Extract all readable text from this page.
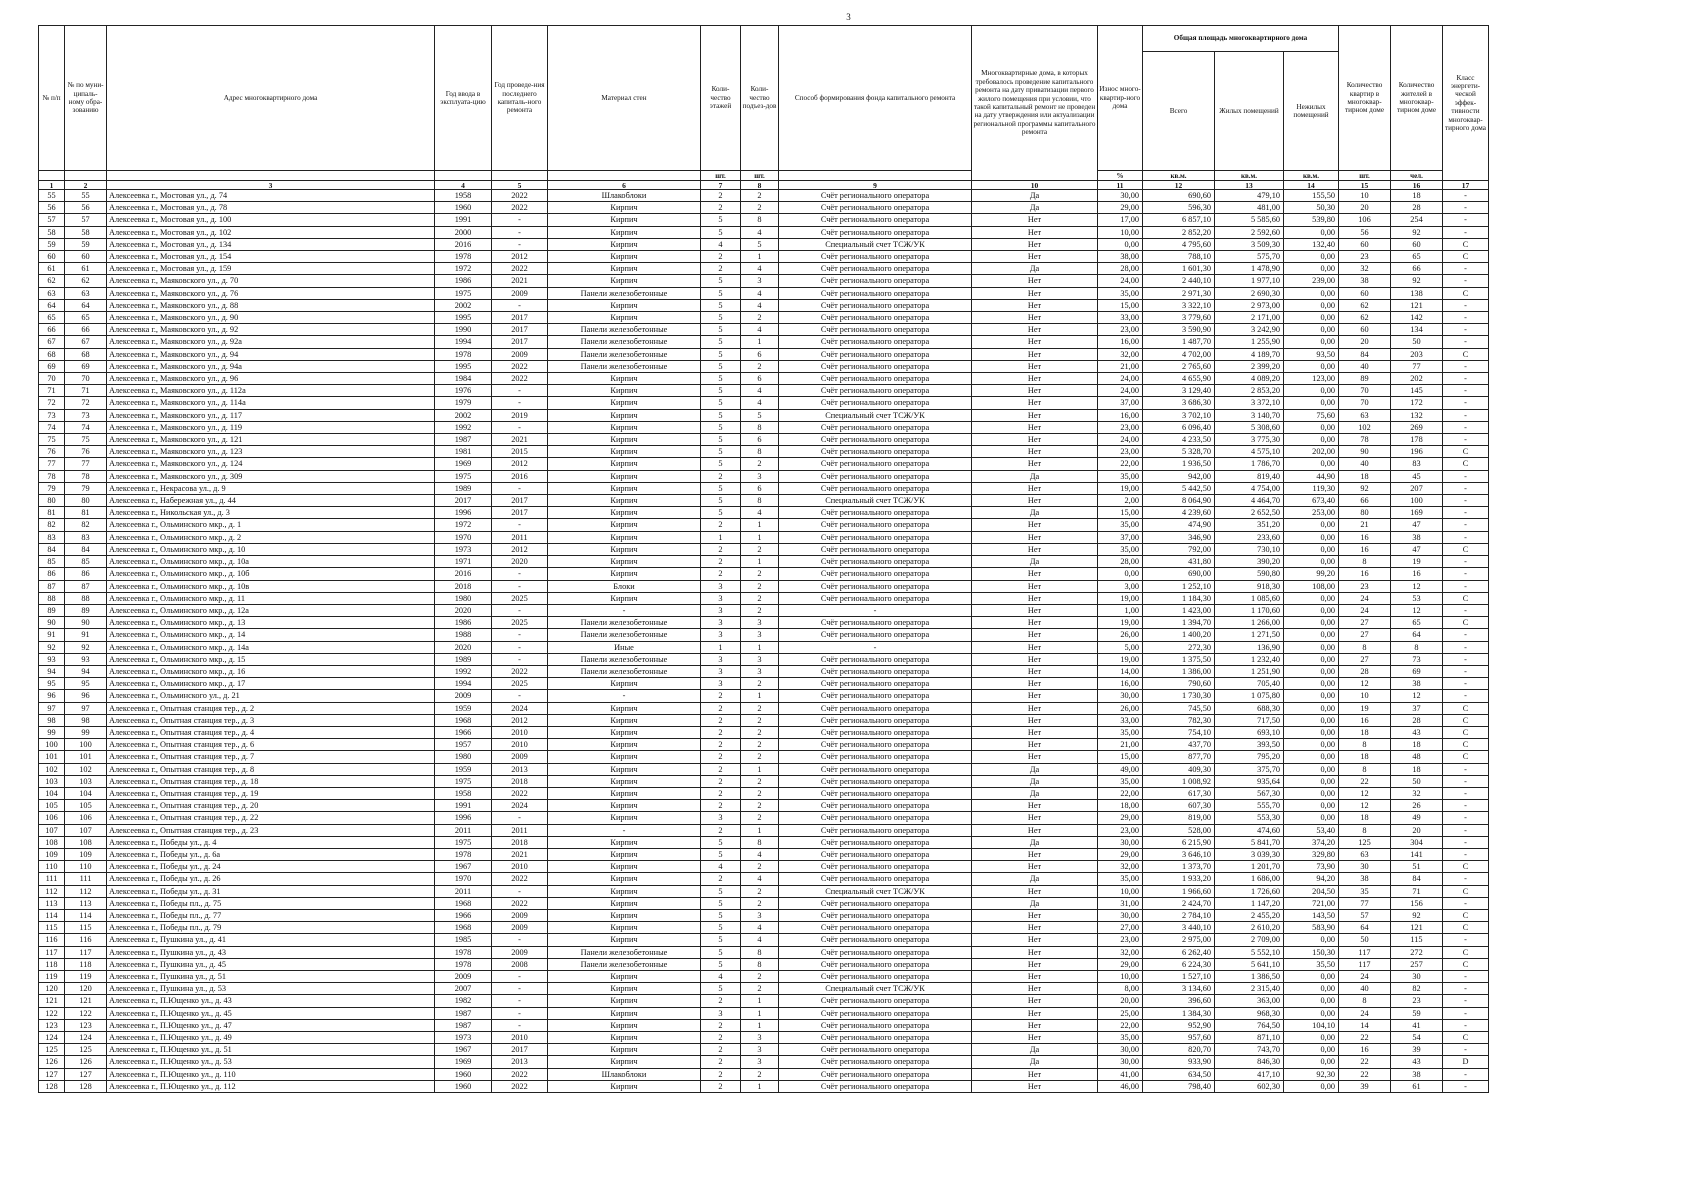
3
№ п/п	№ по муни-ципаль-ному обра-зованию	Адрес многоквартирного дома	Год ввода в эксплуата-цию	Год проведе-ния последнего капиталь-ного ремонта	Материал стен	Коли-чество этажей	Коли-чество подъез-дов	Способ формирования фонда капитального ремонта	Многоквартирные дома, в которых требовалось проведение капитального ремонта на дату приватизации первого жилого помещения при условии, что такой капитальный ремонт не проведен на дату утверждения или актуализации региональной программы капитального ремонта	Износ много-квартир-ного дома	Общая площадь многоквартирного дома			Количество квартир в многоквар-тирном доме	Количество жителей в многоквар-тирном доме	Класс энергети-ческой эффек-тивности многоквар-тирного дома
											Всего	Жилых помещений	Нежилых помещений			
						шт.	шт.			%	кв.м.	кв.м.	кв.м.	шт.	чел.	
1	2	3	4	5	6	7	8	9	10	11	12	13	14	15	16	17
55	55	Алексеевка г., Мостовая ул., д. 74	1958	2022	Шлакоблоки	2	2	Счёт регионального оператора	Да	30,00	690,60	479,10	155,50	10	18	-
56	56	Алексеевка г., Мостовая ул., д. 78	1960	2022	Кирпич	2	2	Счёт регионального оператора	Да	29,00	596,30	481,00	50,30	20	28	-
57	57	Алексеевка г., Мостовая ул., д. 100	1991	-	Кирпич	5	8	Счёт регионального оператора	Нет	17,00	6 857,10	5 585,60	539,80	106	254	-
58	58	Алексеевка г., Мостовая ул., д. 102	2000	-	Кирпич	5	4	Счёт регионального оператора	Нет	10,00	2 852,20	2 592,60	0,00	56	92	-
59	59	Алексеевка г., Мостовая ул., д. 134	2016	-	Кирпич	4	5	Специальный счет ТСЖ/УК	Нет	0,00	4 795,60	3 509,30	132,40	60	60	C
60	60	Алексеевка г., Мостовая ул., д. 154	1978	2012	Кирпич	2	1	Счёт регионального оператора	Нет	38,00	788,10	575,70	0,00	23	65	C
61	61	Алексеевка г., Мостовая ул., д. 159	1972	2022	Кирпич	2	4	Счёт регионального оператора	Да	28,00	1 601,30	1 478,90	0,00	32	66	-
62	62	Алексеевка г., Маяковского ул., д. 70	1986	2021	Кирпич	5	3	Счёт регионального оператора	Нет	24,00	2 440,10	1 977,10	239,00	38	92	-
63	63	Алексеевка г., Маяковского ул., д. 76	1975	2009	Панели железобетонные	5	4	Счёт регионального оператора	Нет	35,00	2 971,30	2 690,30	0,00	60	138	C
64	64	Алексеевка г., Маяковского ул., д. 88	2002	-	Кирпич	5	4	Счёт регионального оператора	Нет	15,00	3 322,10	2 973,00	0,00	62	121	-
65	65	Алексеевка г., Маяковского ул., д. 90	1995	2017	Кирпич	5	2	Счёт регионального оператора	Нет	33,00	3 779,60	2 171,00	0,00	62	142	-
66	66	Алексеевка г., Маяковского ул., д. 92	1990	2017	Панели железобетонные	5	4	Счёт регионального оператора	Нет	23,00	3 590,90	3 242,90	0,00	60	134	-
67	67	Алексеевка г., Маяковского ул., д. 92а	1994	2017	Панели железобетонные	5	1	Счёт регионального оператора	Нет	16,00	1 487,70	1 255,90	0,00	20	50	-
68	68	Алексеевка г., Маяковского ул., д. 94	1978	2009	Панели железобетонные	5	6	Счёт регионального оператора	Нет	32,00	4 702,00	4 189,70	93,50	84	203	C
69	69	Алексеевка г., Маяковского ул., д. 94а	1995	2022	Панели железобетонные	5	2	Счёт регионального оператора	Нет	21,00	2 765,60	2 399,20	0,00	40	77	-
70	70	Алексеевка г., Маяковского ул., д. 96	1984	2022	Кирпич	5	6	Счёт регионального оператора	Нет	24,00	4 655,90	4 089,20	123,00	89	202	-
71	71	Алексеевка г., Маяковского ул., д. 112а	1976	-	Кирпич	5	4	Счёт регионального оператора	Нет	24,00	3 129,40	2 853,20	0,00	70	145	-
72	72	Алексеевка г., Маяковского ул., д. 114а	1979	-	Кирпич	5	4	Счёт регионального оператора	Нет	37,00	3 686,30	3 372,10	0,00	70	172	-
73	73	Алексеевка г., Маяковского ул., д. 117	2002	2019	Кирпич	5	5	Специальный счет ТСЖ/УК	Нет	16,00	3 702,10	3 140,70	75,60	63	132	-
74	74	Алексеевка г., Маяковского ул., д. 119	1992	-	Кирпич	5	8	Счёт регионального оператора	Нет	23,00	6 096,40	5 308,60	0,00	102	269	-
75	75	Алексеевка г., Маяковского ул., д. 121	1987	2021	Кирпич	5	6	Счёт регионального оператора	Нет	24,00	4 233,50	3 775,30	0,00	78	178	-
76	76	Алексеевка г., Маяковского ул., д. 123	1981	2015	Кирпич	5	8	Счёт регионального оператора	Нет	23,00	5 328,70	4 575,10	202,00	90	196	C
77	77	Алексеевка г., Маяковского ул., д. 124	1969	2012	Кирпич	5	2	Счёт регионального оператора	Нет	22,00	1 936,50	1 786,70	0,00	40	83	C
78	78	Алексеевка г., Маяковского ул., д. 309	1975	2016	Кирпич	2	3	Счёт регионального оператора	Да	35,00	942,00	819,40	44,90	18	45	-
79	79	Алексеевка г., Некрасова ул., д. 9	1989	-	Кирпич	5	6	Счёт регионального оператора	Нет	19,00	5 442,50	4 754,00	119,30	92	207	-
80	80	Алексеевка г., Набережная ул., д. 44	2017	2017	Кирпич	5	8	Специальный счет ТСЖ/УК	Нет	2,00	8 064,90	4 464,70	673,40	66	100	-
81	81	Алексеевка г., Никольская ул., д. 3	1996	2017	Кирпич	5	4	Счёт регионального оператора	Да	15,00	4 239,60	2 652,50	253,00	80	169	-
82	82	Алексеевка г., Ольминского мкр., д. 1	1972	-	Кирпич	2	1	Счёт регионального оператора	Нет	35,00	474,90	351,20	0,00	21	47	-
83	83	Алексеевка г., Ольминского мкр., д. 2	1970	2011	Кирпич	1	1	Счёт регионального оператора	Нет	37,00	346,90	233,60	0,00	16	38	-
84	84	Алексеевка г., Ольминского мкр., д. 10	1973	2012	Кирпич	2	2	Счёт регионального оператора	Нет	35,00	792,00	730,10	0,00	16	47	C
85	85	Алексеевка г., Ольминского мкр., д. 10а	1971	2020	Кирпич	2	1	Счёт регионального оператора	Да	28,00	431,80	390,20	0,00	8	19	-
86	86	Алексеевка г., Ольминского мкр., д. 10б	2016	-	Кирпич	2	2	Счёт регионального оператора	Нет	0,00	690,00	590,80	99,20	16	16	-
87	87	Алексеевка г., Ольминского мкр., д. 10в	2018	-	Блоки	3	2	Счёт регионального оператора	Нет	3,00	1 252,10	918,30	108,00	23	12	-
88	88	Алексеевка г., Ольминского мкр., д. 11	1980	2025	Кирпич	3	2	Счёт регионального оператора	Нет	19,00	1 184,30	1 085,60	0,00	24	53	C
89	89	Алексеевка г., Ольминского мкр., д. 12а	2020	-	-	3	2	-	Нет	1,00	1 423,00	1 170,60	0,00	24	12	-
90	90	Алексеевка г., Ольминского мкр., д. 13	1986	2025	Панели железобетонные	3	3	Счёт регионального оператора	Нет	19,00	1 394,70	1 266,00	0,00	27	65	C
91	91	Алексеевка г., Ольминского мкр., д. 14	1988	-	Панели железобетонные	3	3	Счёт регионального оператора	Нет	26,00	1 400,20	1 271,50	0,00	27	64	-
92	92	Алексеевка г., Ольминского мкр., д. 14а	2020	-	Иные	1	1	-	Нет	5,00	272,30	136,90	0,00	8	8	-
93	93	Алексеевка г., Ольминского мкр., д. 15	1989	-	Панели железобетонные	3	3	Счёт регионального оператора	Нет	19,00	1 375,50	1 232,40	0,00	27	73	-
94	94	Алексеевка г., Ольминского мкр., д. 16	1992	2022	Панели железобетонные	3	3	Счёт регионального оператора	Нет	14,00	1 386,00	1 251,90	0,00	28	69	-
95	95	Алексеевка г., Ольминского мкр., д. 17	1994	2025	Кирпич	3	2	Счёт регионального оператора	Нет	16,00	790,60	705,40	0,00	12	38	-
96	96	Алексеевка г., Ольминского ул., д. 21	2009	-	-	2	1	Счёт регионального оператора	Нет	30,00	1 730,30	1 075,80	0,00	10	12	-
97	97	Алексеевка г., Опытная станция тер., д. 2	1959	2024	Кирпич	2	2	Счёт регионального оператора	Нет	26,00	745,50	688,30	0,00	19	37	C
98	98	Алексеевка г., Опытная станция тер., д. 3	1968	2012	Кирпич	2	2	Счёт регионального оператора	Нет	33,00	782,30	717,50	0,00	16	28	C
99	99	Алексеевка г., Опытная станция тер., д. 4	1966	2010	Кирпич	2	2	Счёт регионального оператора	Нет	35,00	754,10	693,10	0,00	18	43	C
100	100	Алексеевка г., Опытная станция тер., д. 6	1957	2010	Кирпич	2	2	Счёт регионального оператора	Нет	21,00	437,70	393,50	0,00	8	18	C
101	101	Алексеевка г., Опытная станция тер., д. 7	1980	2009	Кирпич	2	2	Счёт регионального оператора	Нет	15,00	877,70	795,20	0,00	18	48	C
102	102	Алексеевка г., Опытная станция тер., д. 8	1959	2013	Кирпич	2	1	Счёт регионального оператора	Да	49,00	409,30	375,70	0,00	8	18	-
103	103	Алексеевка г., Опытная станция тер., д. 18	1975	2018	Кирпич	2	2	Счёт регионального оператора	Да	35,00	1 008,92	935,64	0,00	22	50	-
104	104	Алексеевка г., Опытная станция тер., д. 19	1958	2022	Кирпич	2	2	Счёт регионального оператора	Да	22,00	617,30	567,30	0,00	12	32	-
105	105	Алексеевка г., Опытная станция тер., д. 20	1991	2024	Кирпич	2	2	Счёт регионального оператора	Нет	18,00	607,30	555,70	0,00	12	26	-
106	106	Алексеевка г., Опытная станция тер., д. 22	1996	-	Кирпич	3	2	Счёт регионального оператора	Нет	29,00	819,00	553,30	0,00	18	49	-
107	107	Алексеевка г., Опытная станция тер., д. 23	2011	2011	-	2	1	Счёт регионального оператора	Нет	23,00	528,00	474,60	53,40	8	20	-
108	108	Алексеевка г., Победы ул., д. 4	1975	2018	Кирпич	5	8	Счёт регионального оператора	Да	30,00	6 215,90	5 841,70	374,20	125	304	-
109	109	Алексеевка г., Победы ул., д. 6а	1978	2021	Кирпич	5	4	Счёт регионального оператора	Нет	29,00	3 646,10	3 039,30	329,80	63	141	-
110	110	Алексеевка г., Победы ул., д. 24	1967	2010	Кирпич	4	2	Счёт регионального оператора	Нет	32,00	1 373,70	1 201,70	73,90	30	51	C
111	111	Алексеевка г., Победы ул., д. 26	1970	2022	Кирпич	2	4	Счёт регионального оператора	Да	35,00	1 933,20	1 686,00	94,20	38	84	-
112	112	Алексеевка г., Победы ул., д. 31	2011	-	Кирпич	5	2	Специальный счет ТСЖ/УК	Нет	10,00	1 966,60	1 726,60	204,50	35	71	C
113	113	Алексеевка г., Победы пл., д. 75	1968	2022	Кирпич	5	2	Счёт регионального оператора	Да	31,00	2 424,70	1 147,20	721,00	77	156	-
114	114	Алексеевка г., Победы пл., д. 77	1966	2009	Кирпич	5	3	Счёт регионального оператора	Нет	30,00	2 784,10	2 455,20	143,50	57	92	C
115	115	Алексеевка г., Победы пл., д. 79	1968	2009	Кирпич	5	4	Счёт регионального оператора	Нет	27,00	3 440,10	2 610,20	583,90	64	121	C
116	116	Алексеевка г., Пушкина ул., д. 41	1985	-	Кирпич	5	4	Счёт регионального оператора	Нет	23,00	2 975,00	2 709,00	0,00	50	115	-
117	117	Алексеевка г., Пушкина ул., д. 43	1978	2009	Панели железобетонные	5	8	Счёт регионального оператора	Нет	32,00	6 262,40	5 552,10	150,30	117	272	C
118	118	Алексеевка г., Пушкина ул., д. 45	1978	2008	Панели железобетонные	5	8	Счёт регионального оператора	Нет	29,00	6 224,30	5 641,10	35,50	117	257	C
119	119	Алексеевка г., Пушкина ул., д. 51	2009	-	Кирпич	4	2	Счёт регионального оператора	Нет	10,00	1 527,10	1 386,50	0,00	24	30	-
120	120	Алексеевка г., Пушкина ул., д. 53	2007	-	Кирпич	5	2	Специальный счет ТСЖ/УК	Нет	8,00	3 134,60	2 315,40	0,00	40	82	-
121	121	Алексеевка г., П.Ющенко ул., д. 43	1982	-	Кирпич	2	1	Счёт регионального оператора	Нет	20,00	396,60	363,00	0,00	8	23	-
122	122	Алексеевка г., П.Ющенко ул., д. 45	1987	-	Кирпич	3	1	Счёт регионального оператора	Нет	25,00	1 384,30	968,30	0,00	24	59	-
123	123	Алексеевка г., П.Ющенко ул., д. 47	1987	-	Кирпич	2	1	Счёт регионального оператора	Нет	22,00	952,90	764,50	104,10	14	41	-
124	124	Алексеевка г., П.Ющенко ул., д. 49	1973	2010	Кирпич	2	3	Счёт регионального оператора	Нет	35,00	957,60	871,10	0,00	22	54	C
125	125	Алексеевка г., П.Ющенко ул., д. 51	1967	2017	Кирпич	2	3	Счёт регионального оператора	Да	30,00	820,70	743,70	0,00	16	39	-
126	126	Алексеевка г., П.Ющенко ул., д. 53	1969	2013	Кирпич	2	3	Счёт регионального оператора	Да	30,00	933,90	846,30	0,00	22	43	D
127	127	Алексеевка г., П.Ющенко ул., д. 110	1960	2022	Шлакоблоки	2	2	Счёт регионального оператора	Нет	41,00	634,50	417,10	92,30	22	38	-
128	128	Алексеевка г., П.Ющенко ул., д. 112	1960	2022	Кирпич	2	1	Счёт регионального оператора	Нет	46,00	798,40	602,30	0,00	39	61	-
